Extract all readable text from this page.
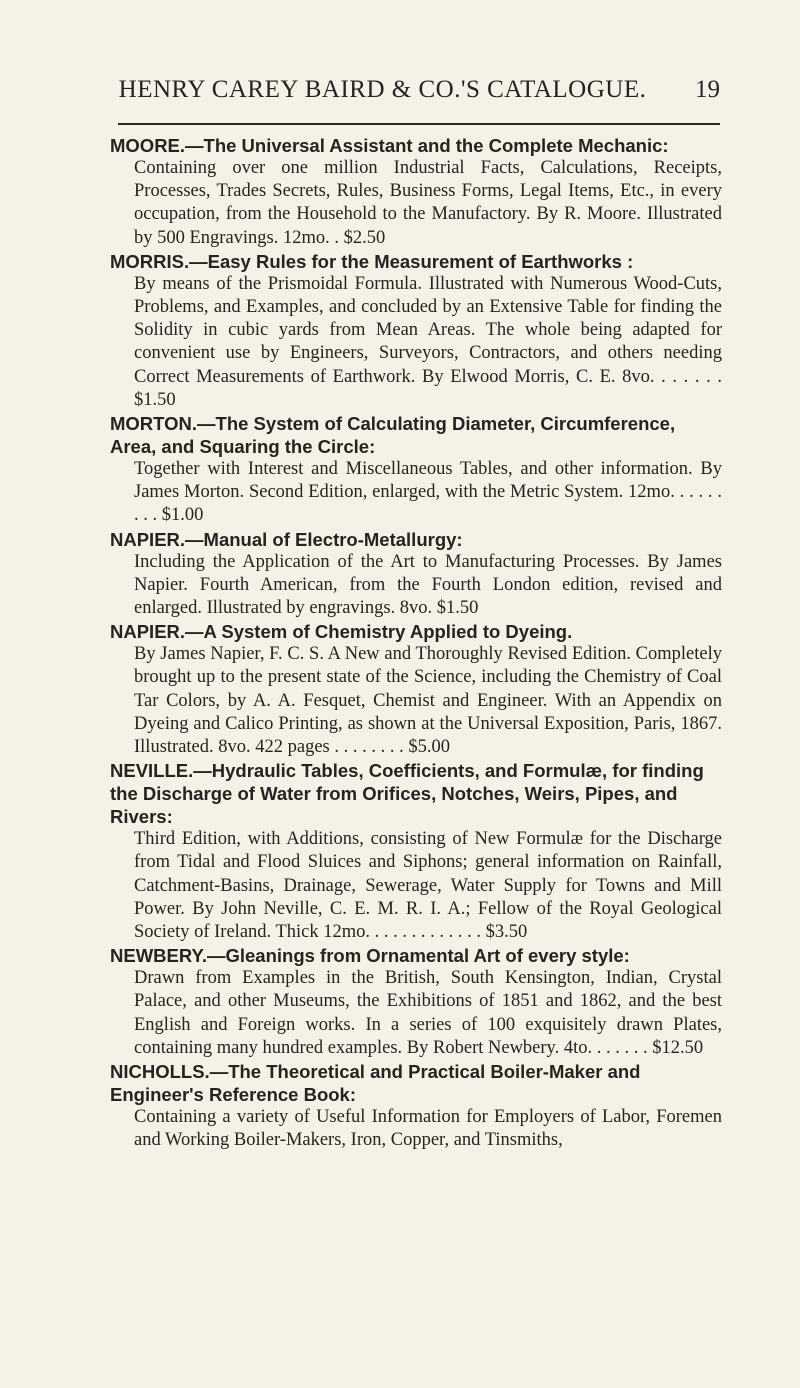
HENRY CAREY BAIRD & CO.'S CATALOGUE.	19

MOORE.—The Universal Assistant and the Complete Mechanic:

Containing over one million Industrial Facts, Calculations, Receipts, Processes, Trades Secrets, Rules, Business Forms, Legal Items, Etc., in every occupation, from the Household to the Manufactory. By R. Moore. Illustrated by 500 Engravings. 12mo. . $2.50

MORRIS.—Easy Rules for the Measurement of Earthworks :

By means of the Prismoidal Formula. Illustrated with Numerous Wood-Cuts, Problems, and Examples, and concluded by an Extensive Table for finding the Solidity in cubic yards from Mean Areas. The whole being adapted for convenient use by Engineers, Surveyors, Contractors, and others needing Correct Measurements of Earthwork. By Elwood Morris, C. E. 8vo. . . . . . . $1.50

MORTON.—The System of Calculating Diameter, Circumference, Area, and Squaring the Circle:

Together with Interest and Miscellaneous Tables, and other information. By James Morton. Second Edition, enlarged, with the Metric System. 12mo. . . . . . . . . $1.00

NAPIER.—Manual of Electro-Metallurgy:

Including the Application of the Art to Manufacturing Processes. By James Napier. Fourth American, from the Fourth London edition, revised and enlarged. Illustrated by engravings. 8vo. $1.50

NAPIER.—A System of Chemistry Applied to Dyeing.

By James Napier, F. C. S. A New and Thoroughly Revised Edition. Completely brought up to the present state of the Science, including the Chemistry of Coal Tar Colors, by A. A. Fesquet, Chemist and Engineer. With an Appendix on Dyeing and Calico Printing, as shown at the Universal Exposition, Paris, 1867. Illustrated. 8vo. 422 pages . . . . . . . . $5.00

NEVILLE.—Hydraulic Tables, Coefficients, and Formulæ, for finding the Discharge of Water from Orifices, Notches, Weirs, Pipes, and Rivers:

Third Edition, with Additions, consisting of New Formulæ for the Discharge from Tidal and Flood Sluices and Siphons; general information on Rainfall, Catchment-Basins, Drainage, Sewerage, Water Supply for Towns and Mill Power. By John Neville, C. E. M. R. I. A.; Fellow of the Royal Geological Society of Ireland. Thick 12mo. . . . . . . . . . . . . $3.50

NEWBERY.—Gleanings from Ornamental Art of every style:

Drawn from Examples in the British, South Kensington, Indian, Crystal Palace, and other Museums, the Exhibitions of 1851 and 1862, and the best English and Foreign works. In a series of 100 exquisitely drawn Plates, containing many hundred examples. By Robert Newbery. 4to. . . . . . . $12.50

NICHOLLS.—The Theoretical and Practical Boiler-Maker and Engineer's Reference Book:

Containing a variety of Useful Information for Employers of Labor, Foremen and Working Boiler-Makers, Iron, Copper, and Tinsmiths,
